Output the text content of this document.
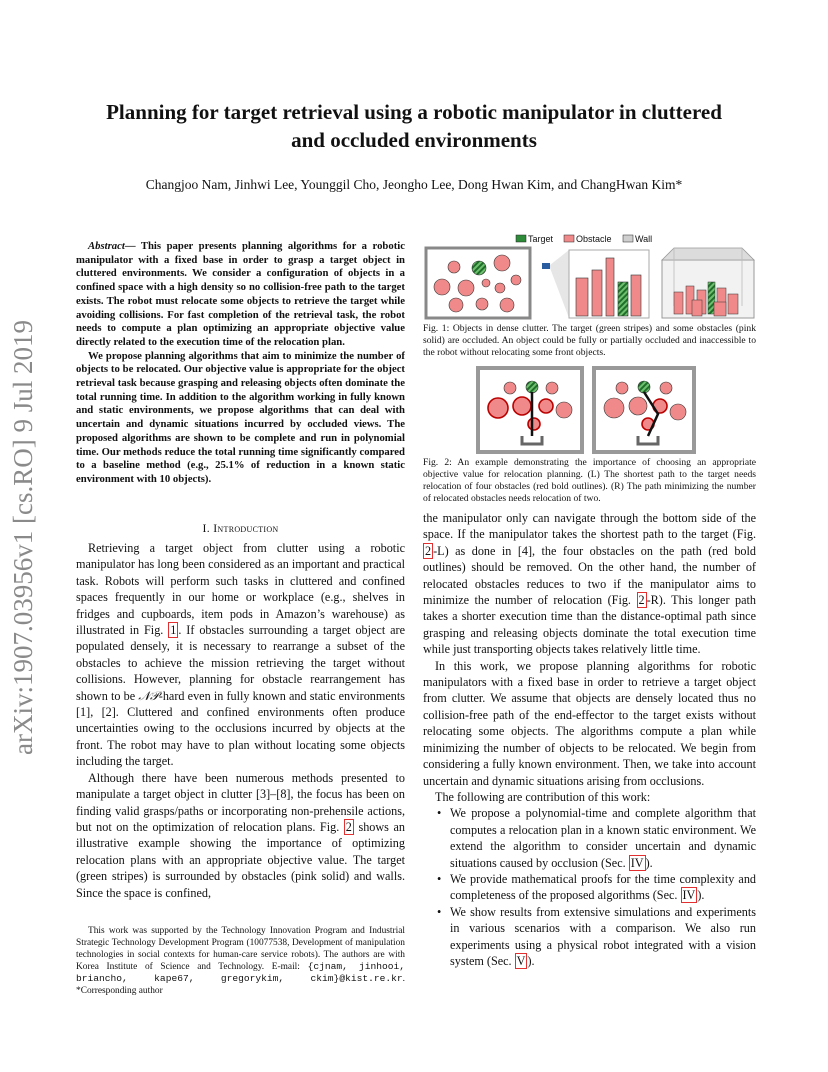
arXiv:1907.03956v1 [cs.RO] 9 Jul 2019
Planning for target retrieval using a robotic manipulator in cluttered
and occluded environments
Changjoo Nam, Jinhwi Lee, Younggil Cho, Jeongho Lee, Dong Hwan Kim, and ChangHwan Kim*

Abstract— This paper presents planning algorithms for a robotic manipulator with a fixed base in order to grasp a target object in cluttered environments. We consider a configuration of objects in a confined space with a high density so no collision-free path to the target exists. The robot must relocate some objects to retrieve the target while avoiding collisions. For fast completion of the retrieval task, the robot needs to compute a plan optimizing an appropriate objective value directly related to the execution time of the relocation plan.

We propose planning algorithms that aim to minimize the number of objects to be relocated. Our objective value is appropriate for the object retrieval task because grasping and releasing objects often dominate the total running time. In addition to the algorithm working in fully known and static environments, we propose algorithms that can deal with uncertain and dynamic situations incurred by occluded views. The proposed algorithms are shown to be complete and run in polynomial time. Our methods reduce the total running time significantly compared to a baseline method (e.g., 25.1% of reduction in a known static environment with 10 objects).

I. Introduction

Retrieving a target object from clutter using a robotic manipulator has long been considered as an important and practical task. Robots will perform such tasks in cluttered and confined spaces frequently in our home or workplace (e.g., shelves in fridges and cupboards, item pods in Amazon’s warehouse) as illustrated in Fig. 1 . If obstacles surrounding a target object are populated densely, it is necessary to rearrange a subset of the obstacles to achieve the mission retrieving the target without collisions. However, planning for obstacle rearrangement has shown to be 𝒩𝒫-hard even in fully known and static environments [1], [2]. Cluttered and confined environments often produce uncertainties owing to the occlusions incurred by objects at the front. The robot may have to plan without locating some objects including the target.

Although there have been numerous methods presented to manipulate a target object in clutter [3]–[8], the focus has been on finding valid grasps/paths or incorporating non-prehensile actions, but not on the optimization of relocation plans. Fig. 2 shows an illustrative example showing the importance of optimizing relocation plans with an appropriate objective value. The target (green stripes) is surrounded by obstacles (pink solid) and walls. Since the space is confined,

This work was supported by the Technology Innovation Program and Industrial Strategic Technology Development Program (10077538, Development of manipulation technologies in social contexts for human-care service robots). The authors are with Korea Institute of Science and Technology. E-mail: {cjnam, jinhooi, briancho, kape67, gregorykim, ckim}@kist.re.kr. *Corresponding author
Target	Obstacle	Wall
Fig. 1: Objects in dense clutter. The target (green stripes) and some obstacles (pink solid) are occluded. An object could be fully or partially occluded and inaccessible to the robot without relocating some front objects.
Fig. 2: An example demonstrating the importance of choosing an appropriate objective value for relocation planning. (L) The shortest path to the target needs relocation of four obstacles (red bold outlines). (R) The path minimizing the number of relocated obstacles needs relocation of two.

the manipulator only can navigate through the bottom side of the space. If the manipulator takes the shortest path to the target (Fig. 2 -L) as done in [4], the four obstacles on the path (red bold outlines) should be removed. On the other hand, the number of relocated obstacles reduces to two if the manipulator aims to minimize the number of relocation (Fig. 2 -R). This longer path takes a shorter execution time than the distance-optimal path since grasping and releasing objects dominate the total execution time while just transporting objects takes relatively little time.

In this work, we propose planning algorithms for robotic manipulators with a fixed base in order to retrieve a target object from clutter. We assume that objects are densely located thus no collision-free path of the end-effector to the target exists without relocating some objects. The algorithms compute a plan while minimizing the number of objects to be relocated. We begin from considering a fully known environment. Then, we take into account uncertain and dynamic situations arising from occlusions.

The following are contribution of this work:

• We propose a polynomial-time and complete algorithm that computes a relocation plan in a known static environment. We extend the algorithm to consider uncertain and dynamic situations caused by occlusion (Sec. IV ).
• We provide mathematical proofs for the time complexity and completeness of the proposed algorithms (Sec. IV ).
• We show results from extensive simulations and experiments in various scenarios with a comparison. We also run experiments using a physical robot integrated with a vision system (Sec. V ).
